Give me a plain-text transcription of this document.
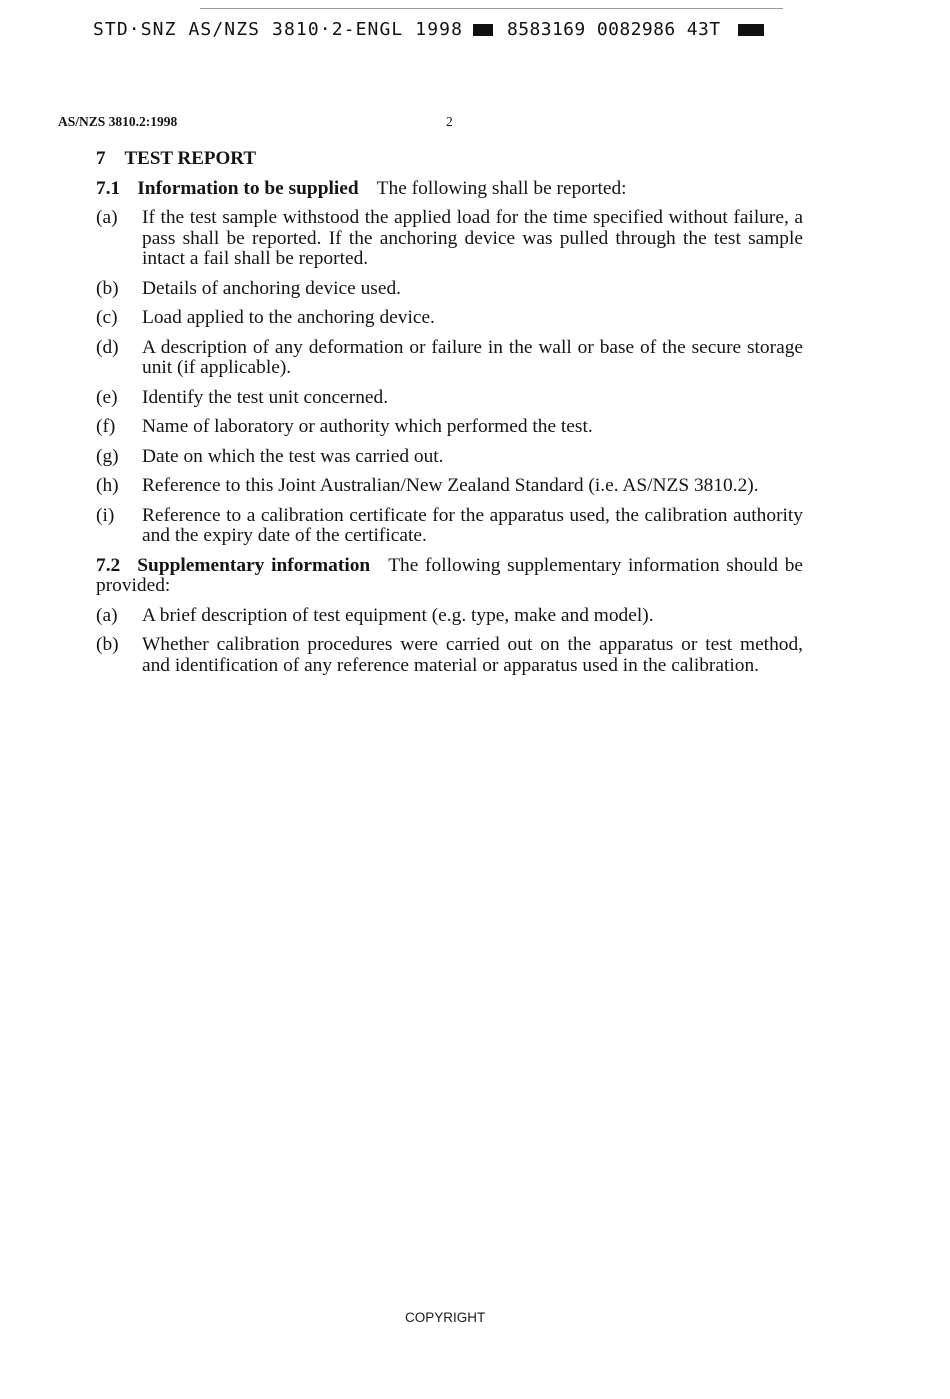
STD·SNZ AS/NZS 3810·2-ENGL 1998 8583169 0082986 43T
AS/NZS 3810.2:1998	2
7 TEST REPORT
7.1 Information to be supplied The following shall be reported:
(a)	If the test sample withstood the applied load for the time specified without failure, a
pass shall be reported. If the anchoring device was pulled through the test sample
intact a fail shall be reported.
(b)	Details of anchoring device used.
(c)	Load applied to the anchoring device.
(d)	A description of any deformation or failure in the wall or base of the secure storage
unit (if applicable).
(e)	Identify the test unit concerned.
(f)	Name of laboratory or authority which performed the test.
(g)	Date on which the test was carried out.
(h)	Reference to this Joint Australian/New Zealand Standard (i.e. AS/NZS 3810.2).
(i)	Reference to a calibration certificate for the apparatus used, the calibration authority
and the expiry date of the certificate.
7.2 Supplementary information The following supplementary information should be
provided:
(a)	A brief description of test equipment (e.g. type, make and model).
(b)	Whether calibration procedures were carried out on the apparatus or test method,
and identification of any reference material or apparatus used in the calibration.
COPYRIGHT
